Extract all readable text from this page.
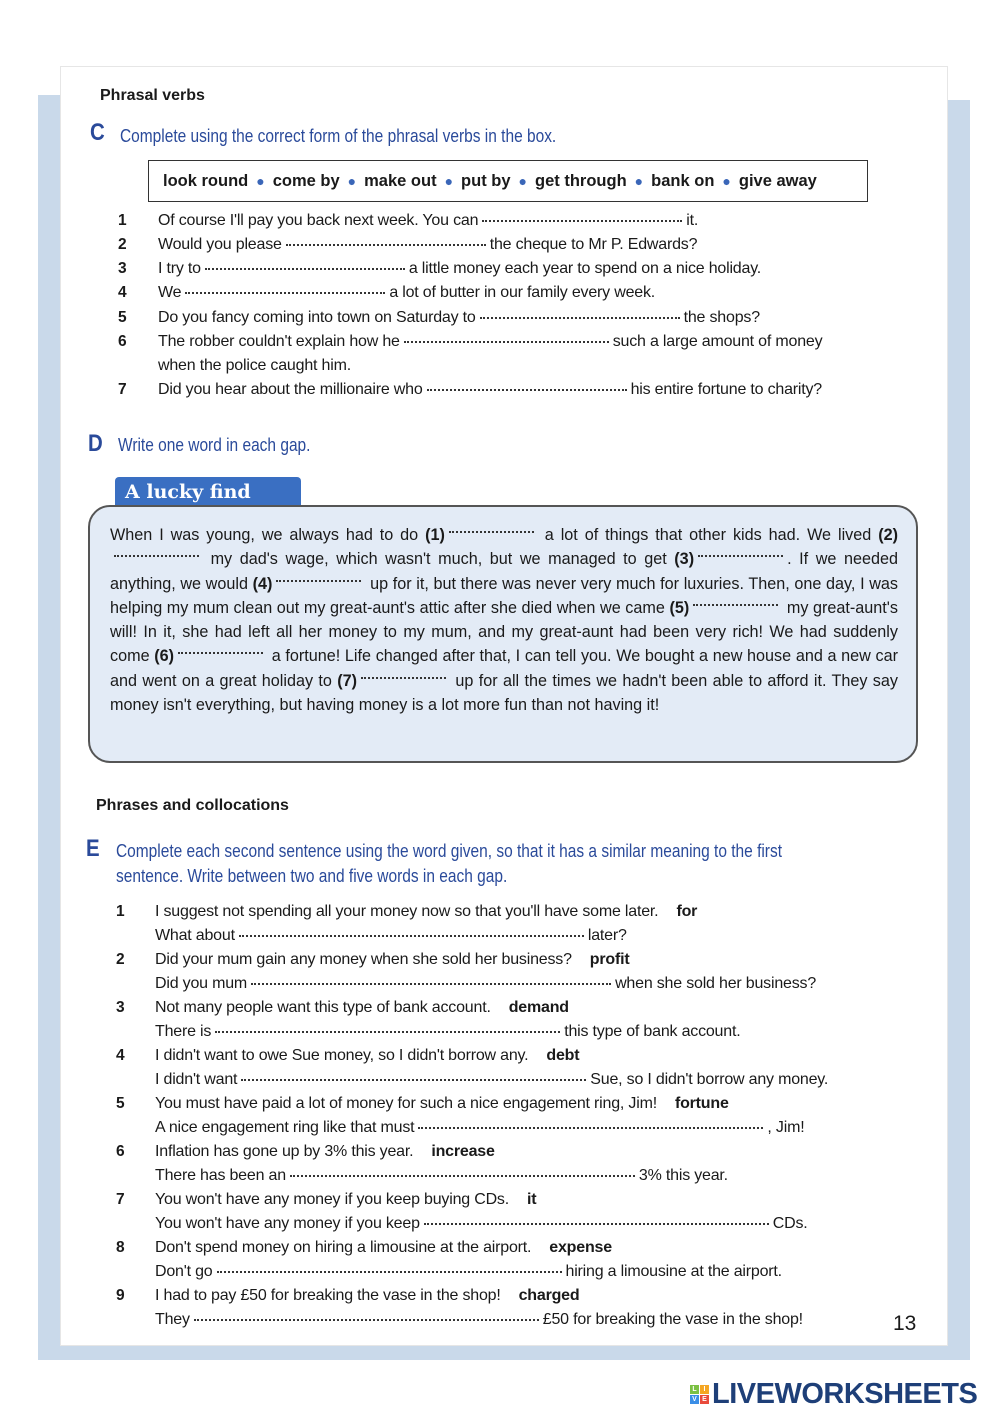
Phrasal verbs
C Complete using the correct form of the phrasal verbs in the box.
look round ● come by ● make out ● put by ● get through ● bank on ● give away
1 Of course I'll pay you back next week. You can	it.
2 Would you please	the cheque to Mr P. Edwards?
3 I try to	a little money each year to spend on a nice holiday.
4 We	a lot of butter in our family every week.
5 Do you fancy coming into town on Saturday to	the shops?
6 The robber couldn't explain how he	such a large amount of money
when the police caught him.
7 Did you hear about the millionaire who	his entire fortune to charity?
D Write one word in each gap.
A lucky find
When I was young, we always had to do (1)	a lot of things that other kids had. We lived (2) my dad's wage, which wasn't much, but we managed to get (3)	. If we needed anything, we would (4)	up for it, but there was never very much for luxuries. Then, one day, I was helping my mum clean out my great-aunt's attic after she died when we came (5)	my great-aunt's will! In it, she had left all her money to my mum, and my great-aunt had been very rich! We had suddenly come (6)	a fortune! Life changed after that, I can tell you. We bought a new house and a new car and went on a great holiday to (7)	up for all the times we hadn't been able to afford it. They say money isn't everything, but having money is a lot more fun than not having it!
Phrases and collocations
E Complete each second sentence using the word given, so that it has a similar meaning to the first
sentence. Write between two and five words in each gap.
1 I suggest not spending all your money now so that you'll have some later. for
What about	later?
2 Did your mum gain any money when she sold her business? profit
Did you mum	when she sold her business?
3 Not many people want this type of bank account. demand
There is	this type of bank account.
4 I didn't want to owe Sue money, so I didn't borrow any. debt
I didn't want	Sue, so I didn't borrow any money.
5 You must have paid a lot of money for such a nice engagement ring, Jim! fortune
A nice engagement ring like that must	, Jim!
6 Inflation has gone up by 3% this year. increase
There has been an	3% this year.
7 You won't have any money if you keep buying CDs. it
You won't have any money if you keep	CDs.
8 Don't spend money on hiring a limousine at the airport. expense
Don't go	hiring a limousine at the airport.
9 I had to pay £50 for breaking the vase in the shop! charged
They	£50 for breaking the vase in the shop!	13
L I
V E LIVEWORKSHEETS
